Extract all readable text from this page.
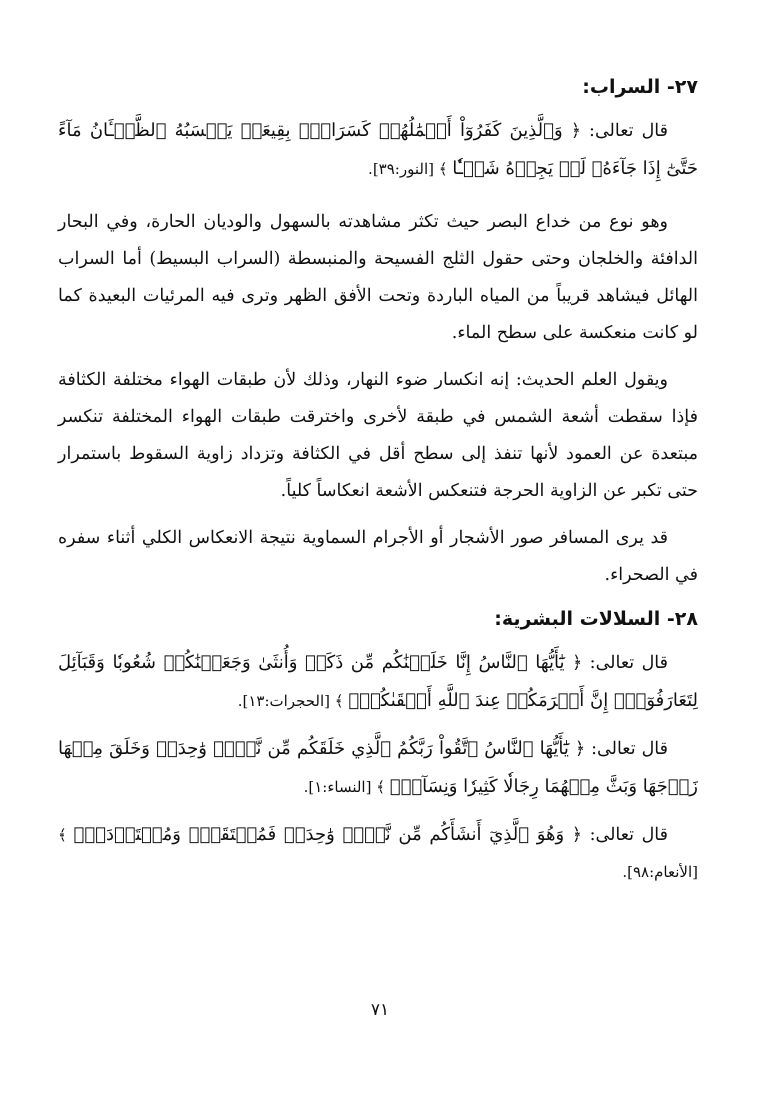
٢٧- السراب:

قال تعالى: ﴿ وَٱلَّذِينَ كَفَرُوٓاْ أَعۡمَٰلُهُمۡ كَسَرَابِۭ بِقِيعَةٖ يَحۡسَبُهُ ٱلظَّمۡـَٔانُ مَآءً حَتَّىٰٓ إِذَا جَآءَهُۥ لَمۡ يَجِدۡهُ شَيۡـٔٗا ﴾ [النور:٣٩].

وهو نوع من خداع البصر حيث تكثر مشاهدته بالسهول والوديان الحارة، وفي البحار الدافئة والخلجان وحتى حقول الثلج الفسيحة والمنبسطة (السراب البسيط) أما السراب الهائل فيشاهد قريباً من المياه الباردة وتحت الأفق الظهر وترى فيه المرئيات البعيدة كما لو كانت منعكسة على سطح الماء.

ويقول العلم الحديث: إنه انكسار ضوء النهار، وذلك لأن طبقات الهواء مختلفة الكثافة فإذا سقطت أشعة الشمس في طبقة لأخرى واخترقت طبقات الهواء المختلفة تنكسر مبتعدة عن العمود لأنها تنفذ إلى سطح أقل في الكثافة وتزداد زاوية السقوط باستمرار حتى تكبر عن الزاوية الحرجة فتنعكس الأشعة انعكاساً كلياً.

قد يرى المسافر صور الأشجار أو الأجرام السماوية نتيجة الانعكاس الكلي أثناء سفره في الصحراء.

٢٨- السلالات البشرية:

قال تعالى: ﴿ يَٰٓأَيُّهَا ٱلنَّاسُ إِنَّا خَلَقۡنَٰكُم مِّن ذَكَرٖ وَأُنثَىٰ وَجَعَلۡنَٰكُمۡ شُعُوبٗا وَقَبَآئِلَ لِتَعَارَفُوٓاْۚ إِنَّ أَكۡرَمَكُمۡ عِندَ ٱللَّهِ أَتۡقَىٰكُمۡۚ ﴾ [الحجرات:١٣].

قال تعالى: ﴿ يَٰٓأَيُّهَا ٱلنَّاسُ ٱتَّقُواْ رَبَّكُمُ ٱلَّذِي خَلَقَكُم مِّن نَّفۡسٖ وَٰحِدَةٖ وَخَلَقَ مِنۡهَا زَوۡجَهَا وَبَثَّ مِنۡهُمَا رِجَالٗا كَثِيرٗا وَنِسَآءٗۚ ﴾ [النساء:١].

قال تعالى: ﴿ وَهُوَ ٱلَّذِيٓ أَنشَأَكُم مِّن نَّفۡسٖ وَٰحِدَةٖ فَمُسۡتَقَرّٞ وَمُسۡتَوۡدَعٞۗ ﴾ [الأنعام:٩٨].

٧١
